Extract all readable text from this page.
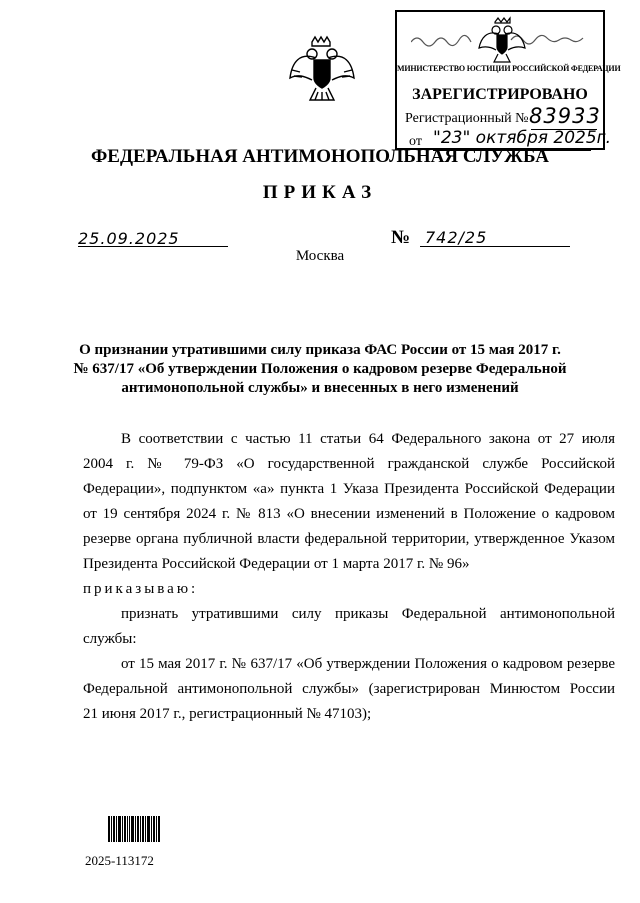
МИНИСТЕРСТВО ЮСТИЦИИ РОССИЙСКОЙ ФЕДЕРАЦИИ
ЗАРЕГИСТРИРОВАНО
Регистрационный № 83933
от "23" октября 2025г.
ФЕДЕРАЛЬНАЯ АНТИМОНОПОЛЬНАЯ СЛУЖБА
ПРИКАЗ
25.09.2025	№ 742/25
Москва
О признании утратившими силу приказа ФАС России от 15 мая 2017 г.
№ 637/17 «Об утверждении Положения о кадровом резерве Федеральной
антимонопольной службы» и внесенных в него изменений
В соответствии с частью 11 статьи 64 Федерального закона от 27 июля
2004 г. № 79-ФЗ «О государственной гражданской службе Российской
Федерации», подпунктом «а» пункта 1 Указа Президента Российской Федерации
от 19 сентября 2024 г. № 813 «О внесении изменений в Положение о кадровом
резерве органа публичной власти федеральной территории, утвержденное Указом
Президента Российской Федерации от 1 марта 2017 г. № 96»
приказываю:
признать утратившими силу приказы Федеральной антимонопольной
службы:
от 15 мая 2017 г. № 637/17 «Об утверждении Положения о кадровом резерве
Федеральной антимонопольной службы» (зарегистрирован Минюстом России
21 июня 2017 г., регистрационный № 47103);
2025-113172
